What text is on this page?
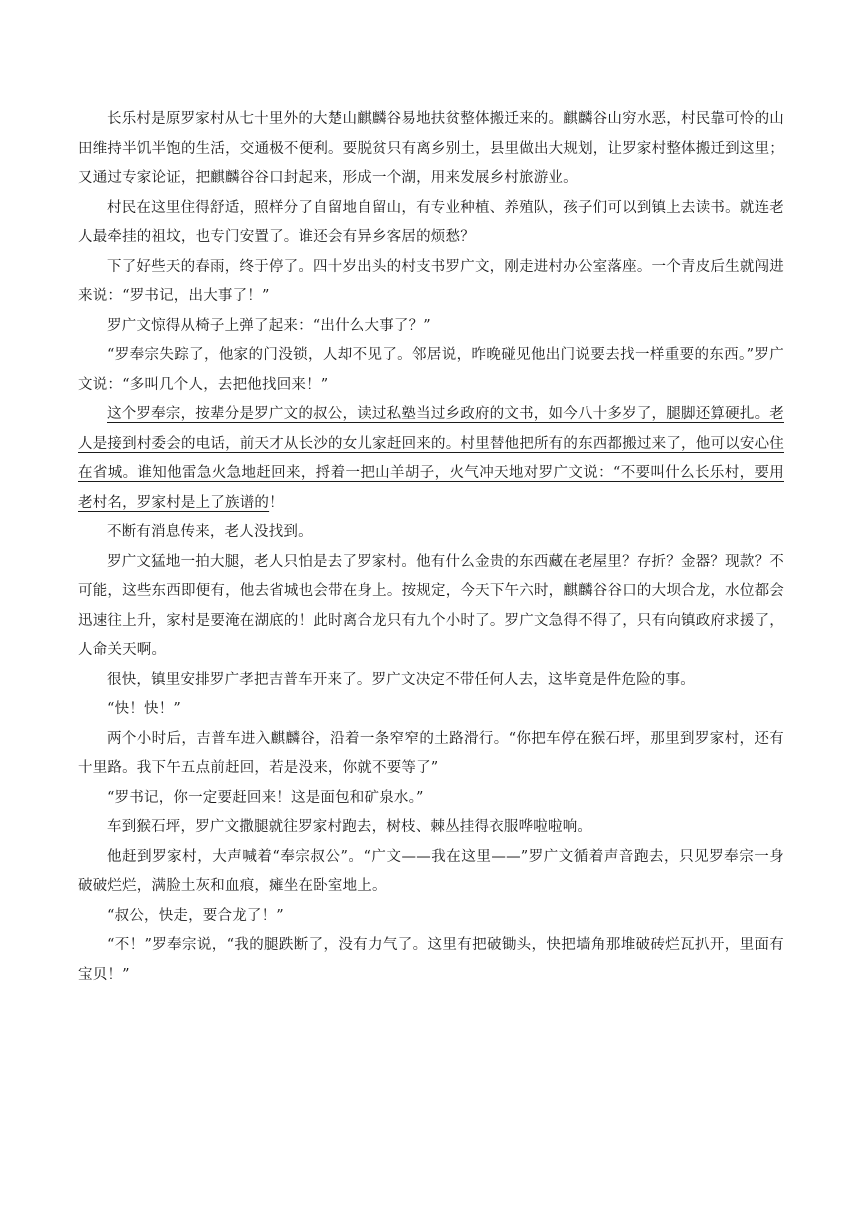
长乐村是原罗家村从七十里外的大楚山麒麟谷易地扶贫整体搬迁来的。麒麟谷山穷水恶，村民靠可怜的山田维持半饥半饱的生活，交通极不便利。要脱贫只有离乡别土，县里做出大规划，让罗家村整体搬迁到这里；又通过专家论证，把麒麟谷谷口封起来，形成一个湖，用来发展乡村旅游业。

村民在这里住得舒适，照样分了自留地自留山，有专业种植、养殖队，孩子们可以到镇上去读书。就连老人最牵挂的祖坟，也专门安置了。谁还会有异乡客居的烦愁？

下了好些天的春雨，终于停了。四十岁出头的村支书罗广文，刚走进村办公室落座。一个青皮后生就闯进来说：“罗书记，出大事了！”

罗广文惊得从椅子上弹了起来：“出什么大事了？”

“罗奉宗失踪了，他家的门没锁，人却不见了。邻居说，昨晚碰见他出门说要去找一样重要的东西。”罗广文说：“多叫几个人，去把他找回来！”

这个罗奉宗，按辈分是罗广文的叔公，读过私塾当过乡政府的文书，如今八十多岁了，腿脚还算硬扎。老人是接到村委会的电话，前天才从长沙的女儿家赶回来的。村里替他把所有的东西都搬过来了，他可以安心住在省城。谁知他雷急火急地赶回来，捋着一把山羊胡子，火气冲天地对罗广文说：“不要叫什么长乐村，要用老村名，罗家村是上了族谱的！

不断有消息传来，老人没找到。

罗广文猛地一拍大腿，老人只怕是去了罗家村。他有什么金贵的东西藏在老屋里？存折？金器？现款？不可能，这些东西即便有，他去省城也会带在身上。按规定，今天下午六时，麒麟谷谷口的大坝合龙，水位都会迅速往上升，家村是要淹在湖底的！此时离合龙只有九个小时了。罗广文急得不得了，只有向镇政府求援了，人命关天啊。

很快，镇里安排罗广孝把吉普车开来了。罗广文决定不带任何人去，这毕竟是件危险的事。

“快！快！”

两个小时后，吉普车进入麒麟谷，沿着一条窄窄的土路滑行。“你把车停在猴石坪，那里到罗家村，还有十里路。我下午五点前赶回，若是没来，你就不要等了”

“罗书记，你一定要赶回来！这是面包和矿泉水。”

车到猴石坪，罗广文撒腿就往罗家村跑去，树枝、棘丛挂得衣服哗啦啦响。

他赶到罗家村，大声喊着“奉宗叔公”。“广文——我在这里——”罗广文循着声音跑去，只见罗奉宗一身破破烂烂，满脸土灰和血痕，瘫坐在卧室地上。

“叔公，快走，要合龙了！”

“不！”罗奉宗说，“我的腿跌断了，没有力气了。这里有把破锄头，快把墙角那堆破砖烂瓦扒开，里面有宝贝！”
